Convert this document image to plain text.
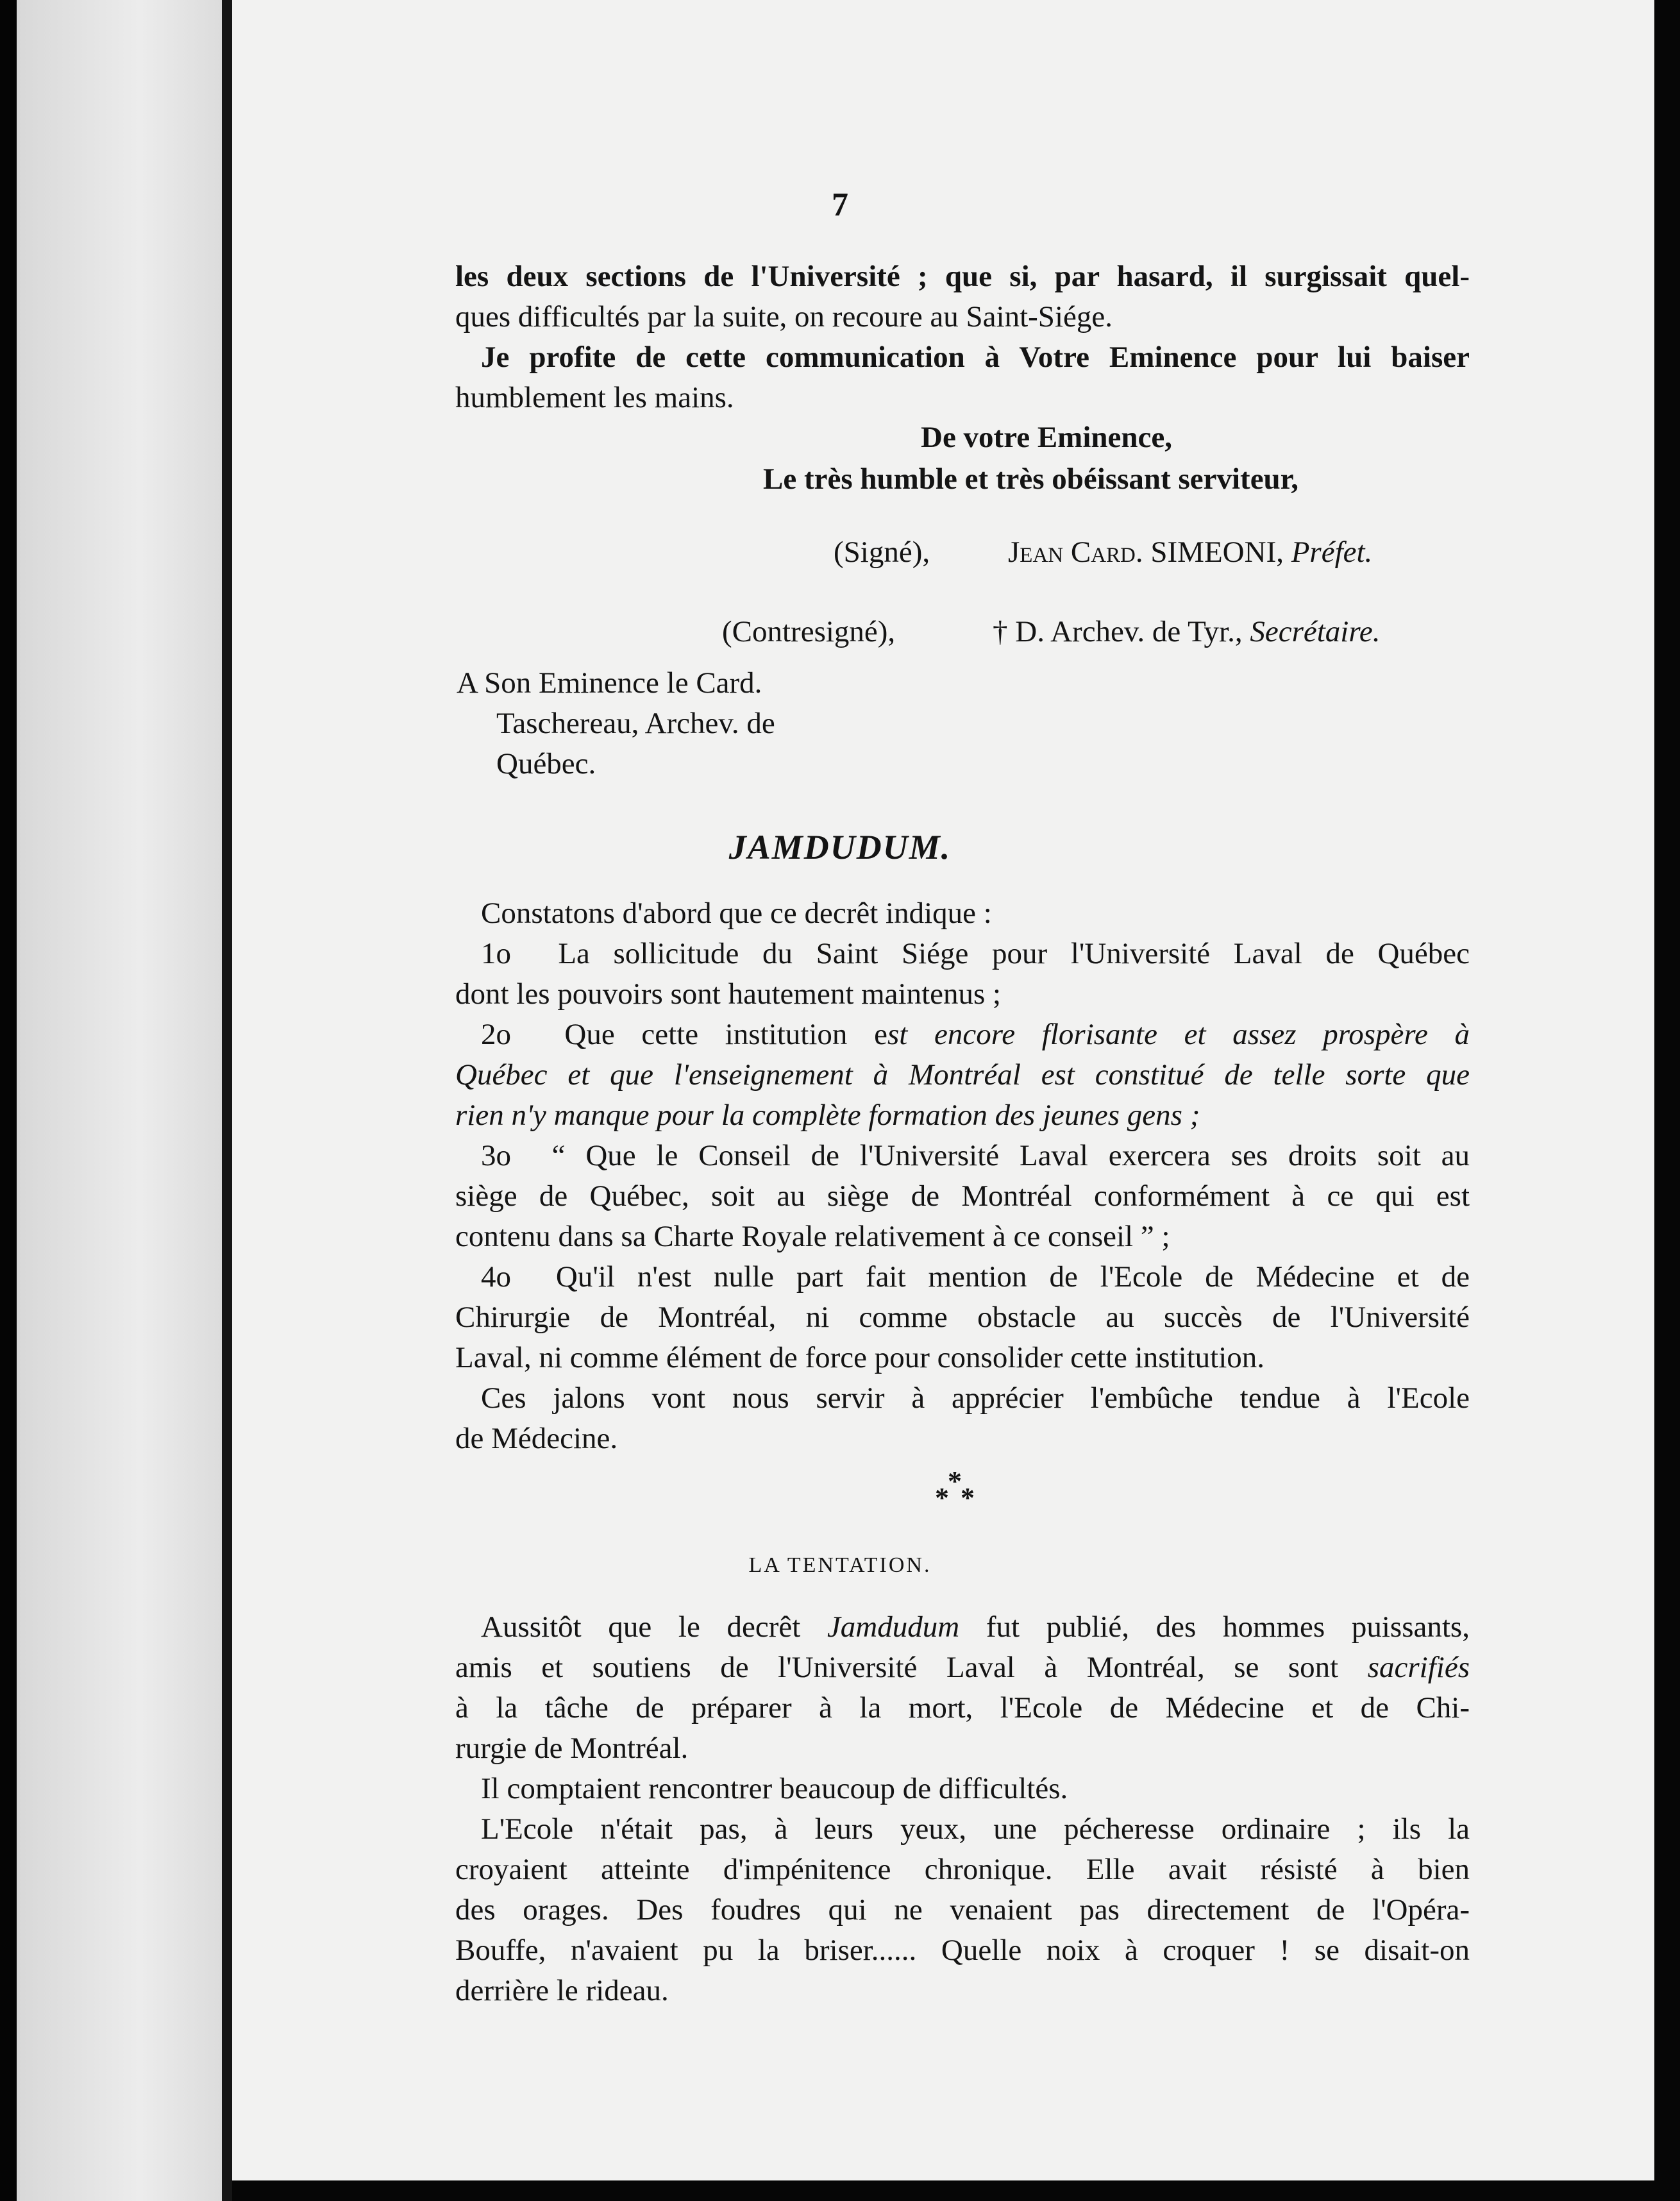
7

les deux sections de l'Université ; que si, par hasard, il surgissait quel-

ques difficultés par la suite, on recoure au Saint-Siége.

Je profite de cette communication à Votre Eminence pour lui baiser

humblement les mains.

De votre Eminence,
Le très humble et très obéissant serviteur,
(Signé),	Jean Card. SIMEONI, Préfet.
(Contresigné),	† D. Archev. de Tyr., Secrétaire.
A Son Eminence le Card.
Taschereau, Archev. de
Québec.
JAMDUDUM.

Constatons d'abord que ce decrêt indique :

1o La sollicitude du Saint Siége pour l'Université Laval de Québec

dont les pouvoirs sont hautement maintenus ;

2o Que cette institution est encore florisante et assez prospère à

Québec et que l'enseignement à Montréal est constitué de telle sorte que

rien n'y manque pour la complète formation des jeunes gens ;

3o “ Que le Conseil de l'Université Laval exercera ses droits soit au

siège de Québec, soit au siège de Montréal conformément à ce qui est

contenu dans sa Charte Royale relativement à ce conseil ” ;

4o Qu'il n'est nulle part fait mention de l'Ecole de Médecine et de

Chirurgie de Montréal, ni comme obstacle au succès de l'Université

Laval, ni comme élément de force pour consolider cette institution.

Ces jalons vont nous servir à apprécier l'embûche tendue à l'Ecole

de Médecine.

*
* *
LA TENTATION.

Aussitôt que le decrêt Jamdudum fut publié, des hommes puissants,

amis et soutiens de l'Université Laval à Montréal, se sont sacrifiés

à la tâche de préparer à la mort, l'Ecole de Médecine et de Chi-

rurgie de Montréal.

Il comptaient rencontrer beaucoup de difficultés.

L'Ecole n'était pas, à leurs yeux, une pécheresse ordinaire ; ils la

croyaient atteinte d'impénitence chronique. Elle avait résisté à bien

des orages. Des foudres qui ne venaient pas directement de l'Opéra-

Bouffe, n'avaient pu la briser...... Quelle noix à croquer ! se disait-on

derrière le rideau.
